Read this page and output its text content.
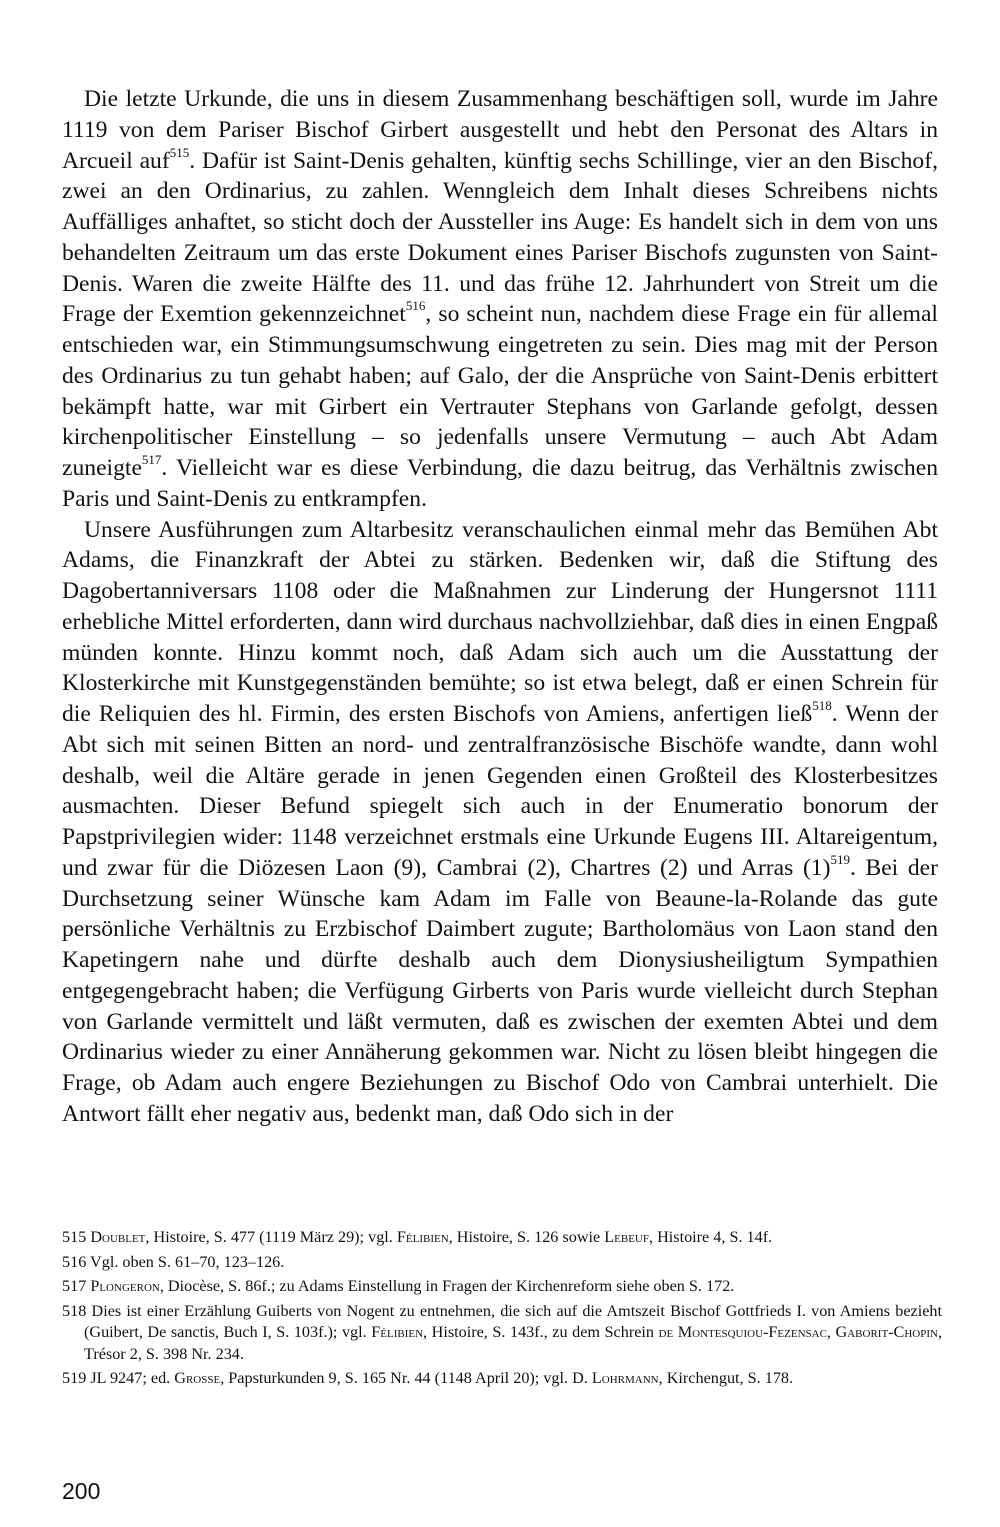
Die letzte Urkunde, die uns in diesem Zusammenhang beschäftigen soll, wurde im Jahre 1119 von dem Pariser Bischof Girbert ausgestellt und hebt den Personat des Altars in Arcueil auf$^{515}$. Dafür ist Saint-Denis gehalten, künftig sechs Schillinge, vier an den Bischof, zwei an den Ordinarius, zu zahlen. Wenngleich dem Inhalt dieses Schreibens nichts Auffälliges anhaftet, so sticht doch der Aussteller ins Auge: Es handelt sich in dem von uns behandelten Zeitraum um das erste Dokument eines Pariser Bischofs zugunsten von Saint-Denis. Waren die zweite Hälfte des 11. und das frühe 12. Jahrhundert von Streit um die Frage der Exemtion gekennzeichnet$^{516}$, so scheint nun, nachdem diese Frage ein für allemal entschieden war, ein Stimmungsumschwung eingetreten zu sein. Dies mag mit der Person des Ordinarius zu tun gehabt haben; auf Galo, der die Ansprüche von Saint-Denis erbittert bekämpft hatte, war mit Girbert ein Vertrauter Stephans von Garlande gefolgt, dessen kirchenpolitischer Einstellung – so jedenfalls unsere Vermutung – auch Abt Adam zuneigte$^{517}$. Vielleicht war es diese Verbindung, die dazu beitrug, das Verhältnis zwischen Paris und Saint-Denis zu entkrampfen.

Unsere Ausführungen zum Altarbesitz veranschaulichen einmal mehr das Bemühen Abt Adams, die Finanzkraft der Abtei zu stärken. Bedenken wir, daß die Stiftung des Dagobertanniversars 1108 oder die Maßnahmen zur Linderung der Hungersnot 1111 erhebliche Mittel erforderten, dann wird durchaus nachvollziehbar, daß dies in einen Engpaß münden konnte. Hinzu kommt noch, daß Adam sich auch um die Ausstattung der Klosterkirche mit Kunstgegenständen bemühte; so ist etwa belegt, daß er einen Schrein für die Reliquien des hl. Firmin, des ersten Bischofs von Amiens, anfertigen ließ$^{518}$. Wenn der Abt sich mit seinen Bitten an nord- und zentralfranzösische Bischöfe wandte, dann wohl deshalb, weil die Altäre gerade in jenen Gegenden einen Großteil des Klosterbesitzes ausmachten. Dieser Befund spiegelt sich auch in der Enumeratio bonorum der Papstprivilegien wider: 1148 verzeichnet erstmals eine Urkunde Eugens III. Altareigentum, und zwar für die Diözesen Laon (9), Cambrai (2), Chartres (2) und Arras $(1)^{519}$. Bei der Durchsetzung seiner Wünsche kam Adam im Falle von Beaune-la-Rolande das gute persönliche Verhältnis zu Erzbischof Daimbert zugute; Bartholomäus von Laon stand den Kapetingern nahe und dürfte deshalb auch dem Dionysiusheiligtum Sympathien entgegengebracht haben; die Verfügung Girberts von Paris wurde vielleicht durch Stephan von Garlande vermittelt und läßt vermuten, daß es zwischen der exemten Abtei und dem Ordinarius wieder zu einer Annäherung gekommen war. Nicht zu lösen bleibt hingegen die Frage, ob Adam auch engere Beziehungen zu Bischof Odo von Cambrai unterhielt. Die Antwort fällt eher negativ aus, bedenkt man, daß Odo sich in der

515 Doublet, Histoire, S. 477 (1119 März 29); vgl. Félibien, Histoire, S. 126 sowie Lebeuf, Histoire 4, S. 14f.

516 Vgl. oben S. 61–70, 123–126.

517 Plongeron, Diocèse, S. 86f.; zu Adams Einstellung in Fragen der Kirchenreform siehe oben S. 172.

518 Dies ist einer Erzählung Guiberts von Nogent zu entnehmen, die sich auf die Amtszeit Bischof Gottfrieds I. von Amiens bezieht (Guibert, De sanctis, Buch I, S. 103f.); vgl. Félibien, Histoire, S. 143f., zu dem Schrein de Montesquiou-Fezensac, Gaborit-Chopin, Trésor 2, S. 398 Nr. 234.

519 JL 9247; ed. Grosse, Papsturkunden 9, S. 165 Nr. 44 (1148 April 20); vgl. D. Lohrmann, Kirchengut, S. 178.

200
